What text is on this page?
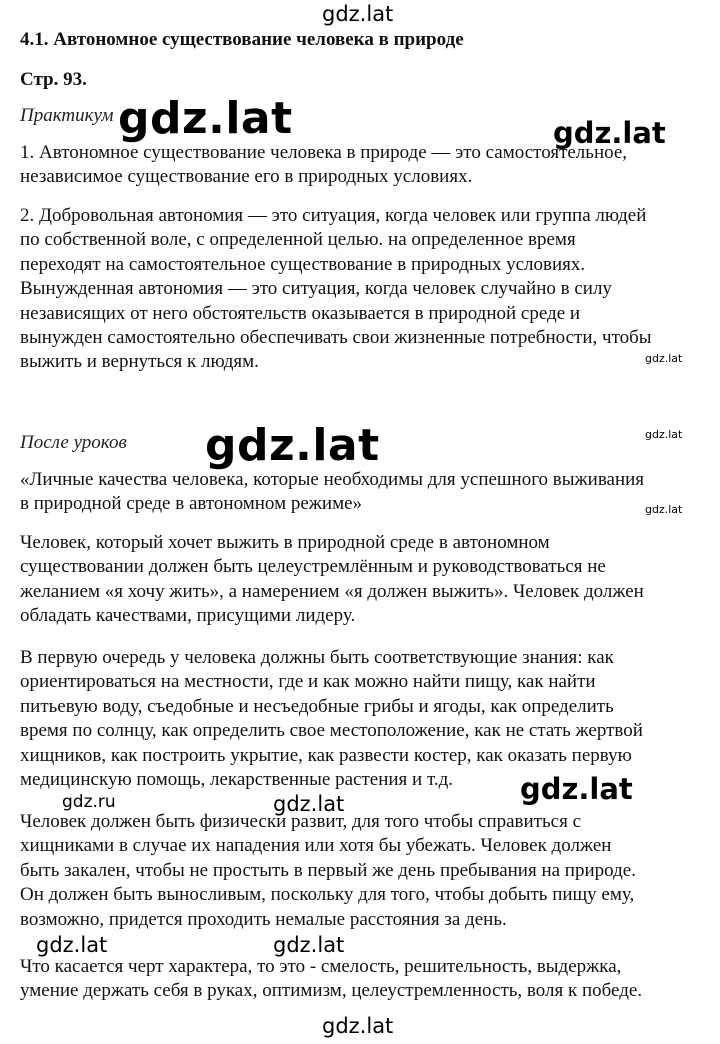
4.1. Автономное существование человека в природе
Стр. 93.
Практикум
1. Автономное существование человека в природе — это самостоятельное,
независимое существование его в природных условиях.
2. Добровольная автономия — это ситуация, когда человек или группа людей
по собственной воле, с определенной целью. на определенное время
переходят на самостоятельное существование в природных условиях.
Вынужденная автономия — это ситуация, когда человек случайно в силу
независящих от него обстоятельств оказывается в природной среде и
вынужден самостоятельно обеспечивать свои жизненные потребности, чтобы
выжить и вернуться к людям.
После уроков
«Личные качества человека, которые необходимы для успешного выживания
в природной среде в автономном режиме»
Человек, который хочет выжить в природной среде в автономном
существовании должен быть целеустремлённым и руководствоваться не
желанием «я хочу жить», а намерением «я должен выжить». Человек должен
обладать качествами, присущими лидеру.
В первую очередь у человека должны быть соответствующие знания: как
ориентироваться на местности, где и как можно найти пищу, как найти
питьевую воду, съедобные и несъедобные грибы и ягоды, как определить
время по солнцу, как определить свое местоположение, как не стать жертвой
хищников, как построить укрытие, как развести костер, как оказать первую
медицинскую помощь, лекарственные растения и т.д.
Человек должен быть физически развит, для того чтобы справиться с
хищниками в случае их нападения или хотя бы убежать. Человек должен
быть закален, чтобы не простыть в первый же день пребывания на природе.
Он должен быть выносливым, поскольку для того, чтобы добыть пищу ему,
возможно, придется проходить немалые расстояния за день.
Что касается черт характера, то это - смелость, решительность, выдержка,
умение держать себя в руках, оптимизм, целеустремленность, воля к победе.
gdz.lat
gdz.lat	gdz.lat
gdz.lat
gdz.lat	gdz.lat
gdz.lat
gdz.lat
gdz.ru	gdz.lat
gdz.lat	gdz.lat
gdz.lat
